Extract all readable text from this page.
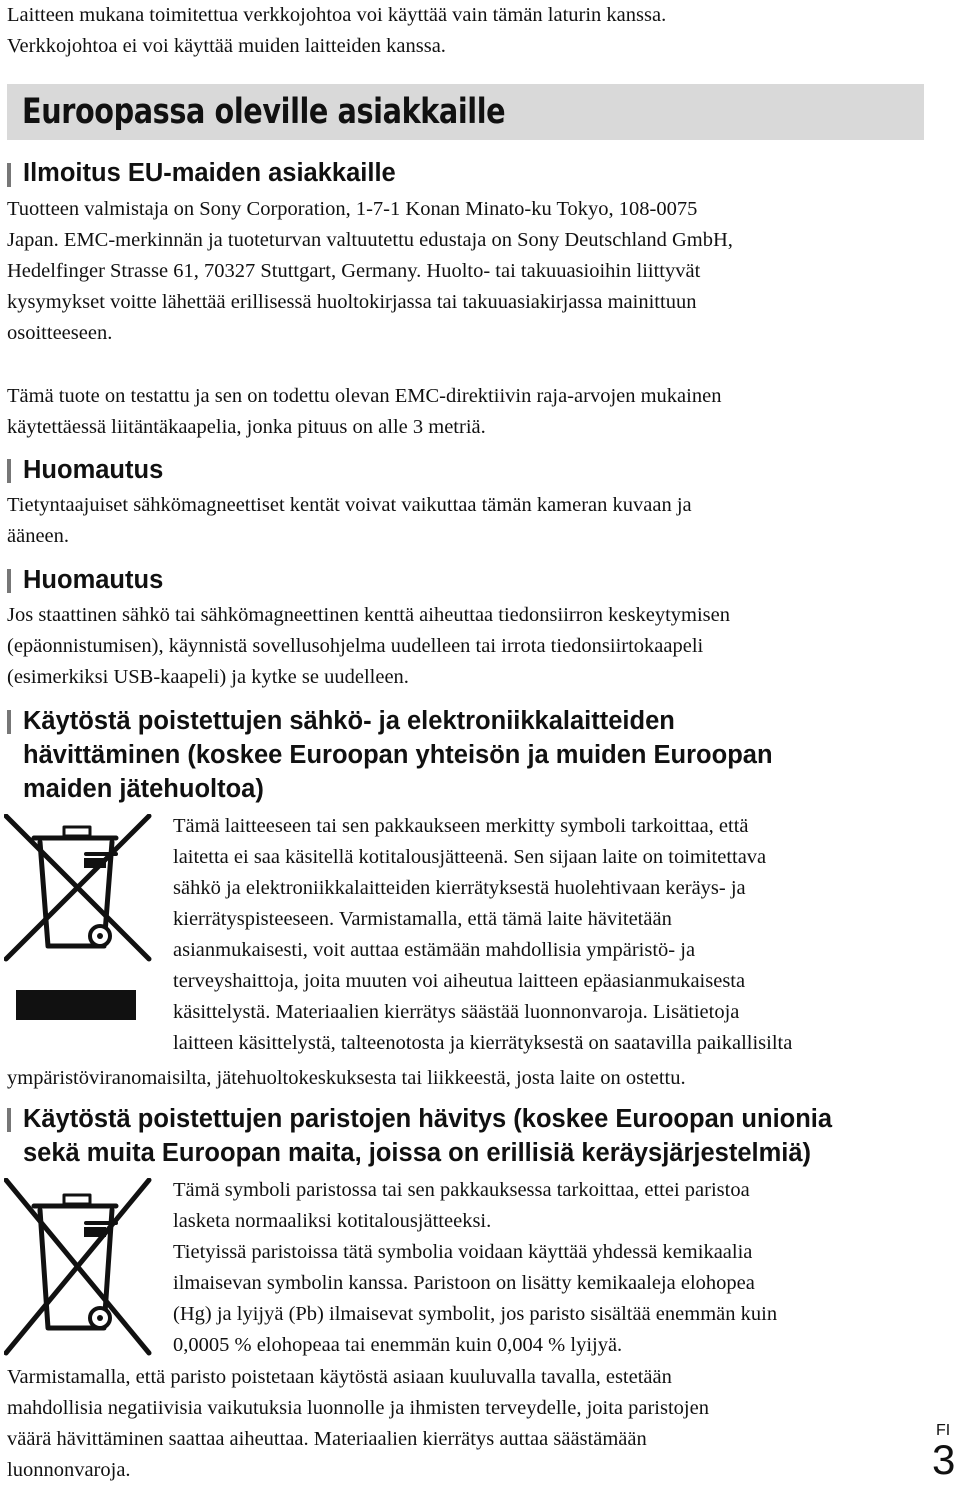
Laitteen mukana toimitettua verkkojohtoa voi käyttää vain tämän laturin kanssa.
Verkkojohtoa ei voi käyttää muiden laitteiden kanssa.

Euroopassa oleville asiakkaille
Ilmoitus EU-maiden asiakkaille

Tuotteen valmistaja on Sony Corporation, 1-7-1 Konan Minato-ku Tokyo, 108-0075
Japan. EMC-merkinnän ja tuoteturvan valtuutettu edustaja on Sony Deutschland GmbH,
Hedelfinger Strasse 61, 70327 Stuttgart, Germany. Huolto- tai takuuasioihin liittyvät
kysymykset voitte lähettää erillisessä huoltokirjassa tai takuuasiakirjassa mainittuun
osoitteeseen.

Tämä tuote on testattu ja sen on todettu olevan EMC-direktiivin raja-arvojen mukainen
käytettäessä liitäntäkaapelia, jonka pituus on alle 3 metriä.

Huomautus

Tietyntaajuiset sähkömagneettiset kentät voivat vaikuttaa tämän kameran kuvaan ja
ääneen.

Huomautus

Jos staattinen sähkö tai sähkömagneettinen kenttä aiheuttaa tiedonsiirron keskeytymisen
(epäonnistumisen), käynnistä sovellusohjelma uudelleen tai irrota tiedonsiirtokaapeli
(esimerkiksi USB-kaapeli) ja kytke se uudelleen.

Käytöstä poistettujen sähkö- ja elektroniikkalaitteiden
hävittäminen (koskee Euroopan yhteisön ja muiden Euroopan
maiden jätehuoltoa)

Tämä laitteeseen tai sen pakkaukseen merkitty symboli tarkoittaa, että
laitetta ei saa käsitellä kotitalousjätteenä. Sen sijaan laite on toimitettava
sähkö ja elektroniikkalaitteiden kierrätyksestä huolehtivaan keräys- ja
kierrätyspisteeseen. Varmistamalla, että tämä laite hävitetään
asianmukaisesti, voit auttaa estämään mahdollisia ympäristö- ja
terveyshaittoja, joita muuten voi aiheutua laitteen epäasianmukaisesta
käsittelystä. Materiaalien kierrätys säästää luonnonvaroja. Lisätietoja
laitteen käsittelystä, talteenotosta ja kierrätyksestä on saatavilla paikallisilta

ympäristöviranomaisilta, jätehuoltokeskuksesta tai liikkeestä, josta laite on ostettu.

Käytöstä poistettujen paristojen hävitys (koskee Euroopan unionia
sekä muita Euroopan maita, joissa on erillisiä keräysjärjestelmiä)

Tämä symboli paristossa tai sen pakkauksessa tarkoittaa, ettei paristoa
lasketa normaaliksi kotitalousjätteeksi.
Tietyissä paristoissa tätä symbolia voidaan käyttää yhdessä kemikaalia
ilmaisevan symbolin kanssa. Paristoon on lisätty kemikaaleja elohopea
(Hg) ja lyijyä (Pb) ilmaisevat symbolit, jos paristo sisältää enemmän kuin
0,0005 % elohopeaa tai enemmän kuin 0,004 % lyijyä.

Varmistamalla, että paristo poistetaan käytöstä asiaan kuuluvalla tavalla, estetään
mahdollisia negatiivisia vaikutuksia luonnolle ja ihmisten terveydelle, joita paristojen
väärä hävittäminen saattaa aiheuttaa. Materiaalien kierrätys auttaa säästämään
luonnonvaroja.

FI

3
